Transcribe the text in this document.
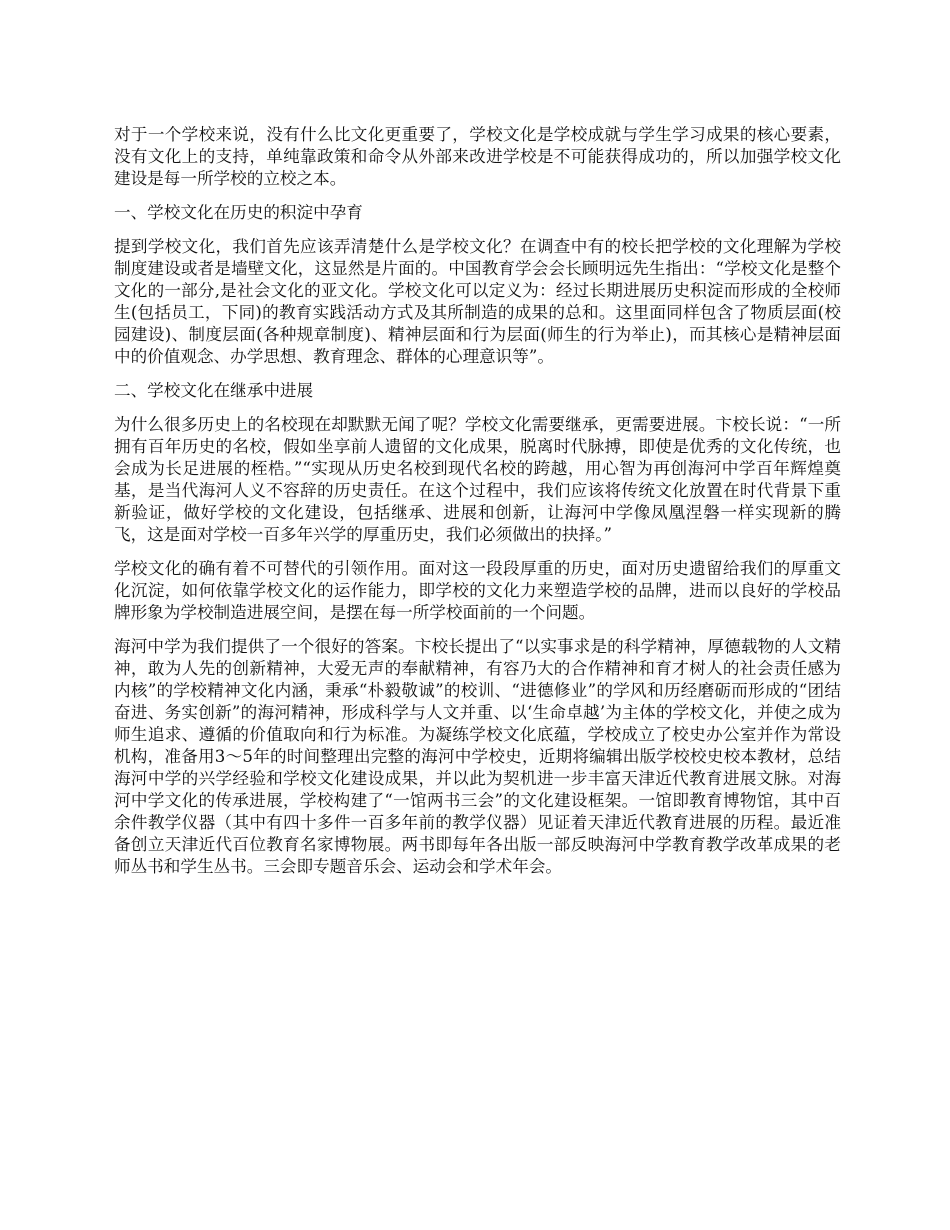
对于一个学校来说，没有什么比文化更重要了，学校文化是学校成就与学生学习成果的核心要素，没有文化上的支持，单纯靠政策和命令从外部来改进学校是不可能获得成功的，所以加强学校文化建设是每一所学校的立校之本。

一、学校文化在历史的积淀中孕育

提到学校文化，我们首先应该弄清楚什么是学校文化？在调查中有的校长把学校的文化理解为学校制度建设或者是墙壁文化，这显然是片面的。中国教育学会会长顾明远先生指出：“学校文化是整个文化的一部分,是社会文化的亚文化。学校文化可以定义为：经过长期进展历史积淀而形成的全校师生(包括员工，下同)的教育实践活动方式及其所制造的成果的总和。这里面同样包含了物质层面(校园建设)、制度层面(各种规章制度)、精神层面和行为层面(师生的行为举止)，而其核心是精神层面中的价值观念、办学思想、教育理念、群体的心理意识等”。

二、学校文化在继承中进展

为什么很多历史上的名校现在却默默无闻了呢？学校文化需要继承，更需要进展。卞校长说：“一所拥有百年历史的名校，假如坐享前人遗留的文化成果，脱离时代脉搏，即使是优秀的文化传统，也会成为长足进展的桎梏。”“实现从历史名校到现代名校的跨越，用心智为再创海河中学百年辉煌奠基，是当代海河人义不容辞的历史责任。在这个过程中，我们应该将传统文化放置在时代背景下重新验证，做好学校的文化建设，包括继承、进展和创新，让海河中学像凤凰涅磐一样实现新的腾飞，这是面对学校一百多年兴学的厚重历史，我们必须做出的抉择。”

学校文化的确有着不可替代的引领作用。面对这一段段厚重的历史，面对历史遗留给我们的厚重文化沉淀，如何依靠学校文化的运作能力，即学校的文化力来塑造学校的品牌，进而以良好的学校品牌形象为学校制造进展空间，是摆在每一所学校面前的一个问题。

海河中学为我们提供了一个很好的答案。卞校长提出了“以实事求是的科学精神，厚德载物的人文精神，敢为人先的创新精神，大爱无声的奉献精神，有容乃大的合作精神和育才树人的社会责任感为内核”的学校精神文化内涵，秉承“朴毅敬诚”的校训、“进德修业”的学风和历经磨砺而形成的“团结奋进、务实创新”的海河精神，形成科学与人文并重、以‘生命卓越’为主体的学校文化，并使之成为师生追求、遵循的价值取向和行为标准。为凝练学校文化底蕴，学校成立了校史办公室并作为常设机构，准备用3～5年的时间整理出完整的海河中学校史，近期将编辑出版学校校史校本教材，总结海河中学的兴学经验和学校文化建设成果，并以此为契机进一步丰富天津近代教育进展文脉。对海河中学文化的传承进展，学校构建了“一馆两书三会”的文化建设框架。一馆即教育博物馆，其中百余件教学仪器（其中有四十多件一百多年前的教学仪器）见证着天津近代教育进展的历程。最近准备创立天津近代百位教育名家博物展。两书即每年各出版一部反映海河中学教育教学改革成果的老师丛书和学生丛书。三会即专题音乐会、运动会和学术年会。
